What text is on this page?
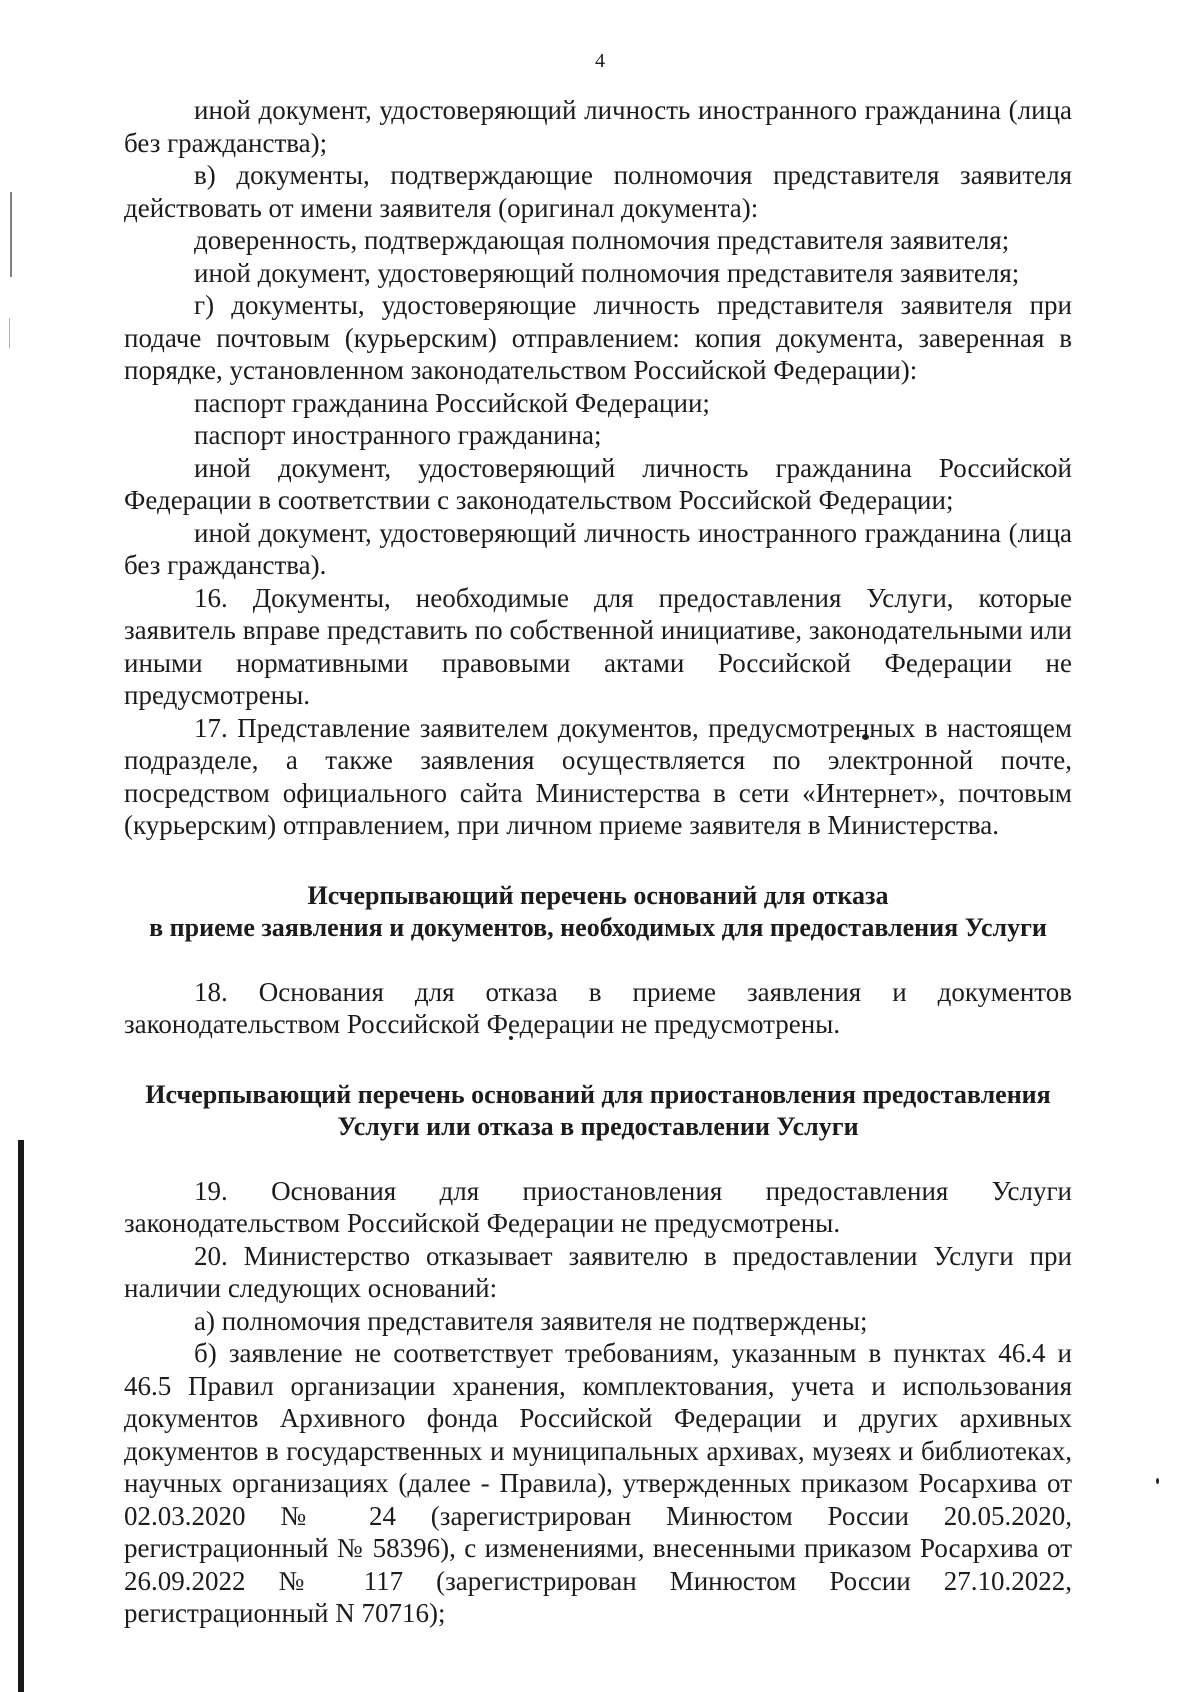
4

иной документ, удостоверяющий личность иностранного гражданина (лица без гражданства);

в) документы, подтверждающие полномочия представителя заявителя действовать от имени заявителя (оригинал документа):

доверенность, подтверждающая полномочия представителя заявителя;

иной документ, удостоверяющий полномочия представителя заявителя;

г) документы, удостоверяющие личность представителя заявителя при подаче почтовым (курьерским) отправлением: копия документа, заверенная в порядке, установленном законодательством Российской Федерации):

паспорт гражданина Российской Федерации;

паспорт иностранного гражданина;

иной документ, удостоверяющий личность гражданина Российской Федерации в соответствии с законодательством Российской Федерации;

иной документ, удостоверяющий личность иностранного гражданина (лица без гражданства).

16. Документы, необходимые для предоставления Услуги, которые заявитель вправе представить по собственной инициативе, законодательными или иными нормативными правовыми актами Российской Федерации не предусмотрены.

17. Представление заявителем документов, предусмотренных в настоящем подразделе, а также заявления осуществляется по электронной почте, посредством официального сайта Министерства в сети «Интернет», почтовым (курьерским) отправлением, при личном приеме заявителя в Министерства.

Исчерпывающий перечень оснований для отказа

в приеме заявления и документов, необходимых для предоставления Услуги

18. Основания для отказа в приеме заявления и документов законодательством Российской Федерации не предусмотрены.

Исчерпывающий перечень оснований для приостановления предоставления

Услуги или отказа в предоставлении Услуги

19. Основания для приостановления предоставления Услуги законодательством Российской Федерации не предусмотрены.

20. Министерство отказывает заявителю в предоставлении Услуги при наличии следующих оснований:

а) полномочия представителя заявителя не подтверждены;

б) заявление не соответствует требованиям, указанным в пунктах 46.4 и 46.5 Правил организации хранения, комплектования, учета и использования документов Архивного фонда Российской Федерации и других архивных документов в государственных и муниципальных архивах, музеях и библиотеках, научных организациях (далее - Правила), утвержденных приказом Росархива от 02.03.2020 № 24 (зарегистрирован Минюстом России 20.05.2020, регистрационный № 58396), с изменениями, внесенными приказом Росархива от 26.09.2022 № 117 (зарегистрирован Минюстом России 27.10.2022, регистрационный N 70716);
